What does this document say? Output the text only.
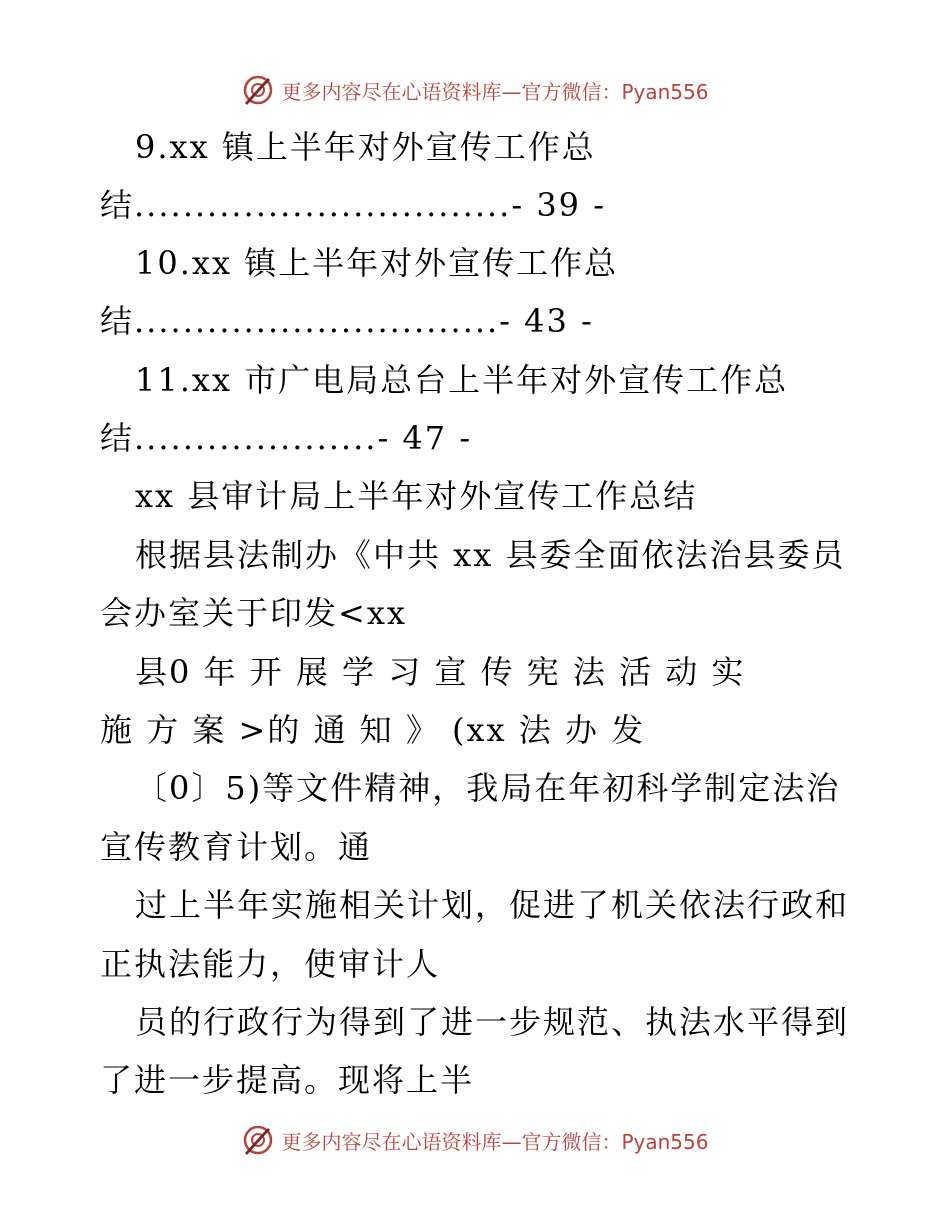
更多内容尽在心语资料库—官方微信：Pyan556
9.xx 镇上半年对外宣传工作总
结...............................- 39 -
10.xx 镇上半年对外宣传工作总
结..............................- 43 -
11.xx 市广电局总台上半年对外宣传工作总
结....................- 47 -
xx 县审计局上半年对外宣传工作总结
根据县法制办《中共 xx 县委全面依法治县委员
会办室关于印发<xx
县0 年 开 展 学 习 宣 传 宪 法 活 动 实
施 方 案 >的 通 知 》 (xx 法 办 发
〔0〕5)等文件精神，我局在年初科学制定法治
宣传教育计划。通
过上半年实施相关计划，促进了机关依法行政和
正执法能力，使审计人
员的行政行为得到了进一步规范、执法水平得到
了进一步提高。现将上半
更多内容尽在心语资料库—官方微信：Pyan556
